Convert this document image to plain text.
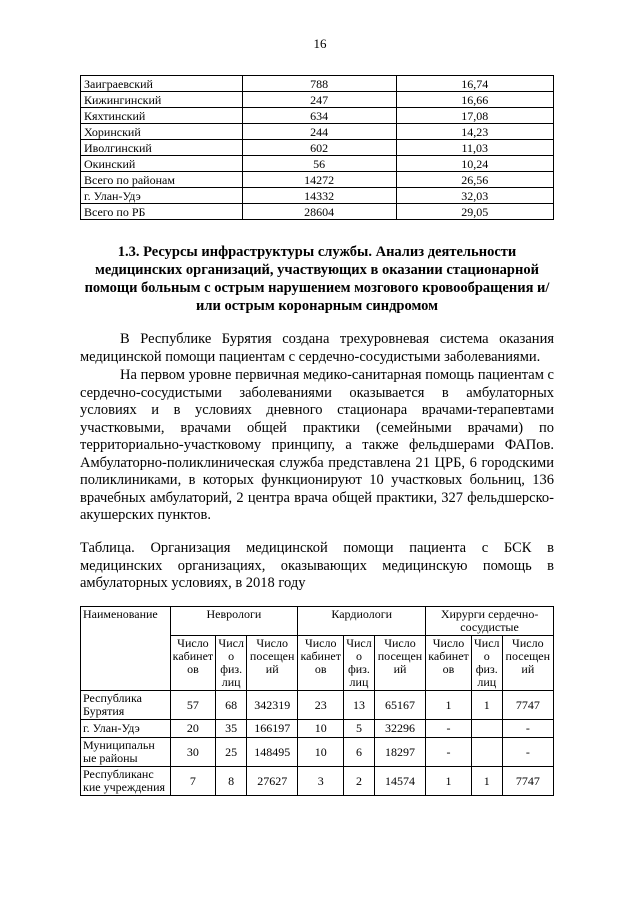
16
Заиграевский	788	16,74
Кижингинский	247	16,66
Кяхтинский	634	17,08
Хоринский	244	14,23
Иволгинский	602	11,03
Окинский	56	10,24
Всего по районам	14272	26,56
г. Улан-Удэ	14332	32,03
Всего по РБ	28604	29,05
1.3. Ресурсы инфраструктуры службы. Анализ деятельности медицинских организаций, участвующих в оказании стационарной помощи больным с острым нарушением мозгового кровообращения и/или острым коронарным синдромом
В Республике Бурятия создана трехуровневая система оказания медицинской помощи пациентам с сердечно-сосудистыми заболеваниями.
На первом уровне первичная медико-санитарная помощь пациентам с сердечно-сосудистыми заболеваниями оказывается в амбулаторных условиях и в условиях дневного стационара врачами-терапевтами участковыми, врачами общей практики (семейными врачами) по территориально-участковому принципу, а также фельдшерами ФАПов. Амбулаторно-поликлиническая служба представлена 21 ЦРБ, 6 городскими поликлиниками, в которых функционируют 10 участковых больниц, 136 врачебных амбулаторий, 2 центра врача общей практики, 327 фельдшерско-акушерских пунктов.
Таблица. Организация медицинской помощи пациента с БСК в медицинских организациях, оказывающих медицинскую помощь в амбулаторных условиях, в 2018 году
Наименование	Неврологи			Кардиологи			Хирурги сердечно-сосудистые		
	Число кабинет ов	Числ о физ. лиц	Число посещен ий	Число кабинет ов	Числ о физ. лиц	Число посещен ий	Число кабинет ов	Числ о физ. лиц	Число посещен ий
Республика Бурятия	57	68	342319	23	13	65167	1	1	7747
г. Улан-Удэ	20	35	166197	10	5	32296	-		-
Муниципальн ые районы	30	25	148495	10	6	18297	-		-
Республиканс кие учреждения	7	8	27627	3	2	14574	1	1	7747
